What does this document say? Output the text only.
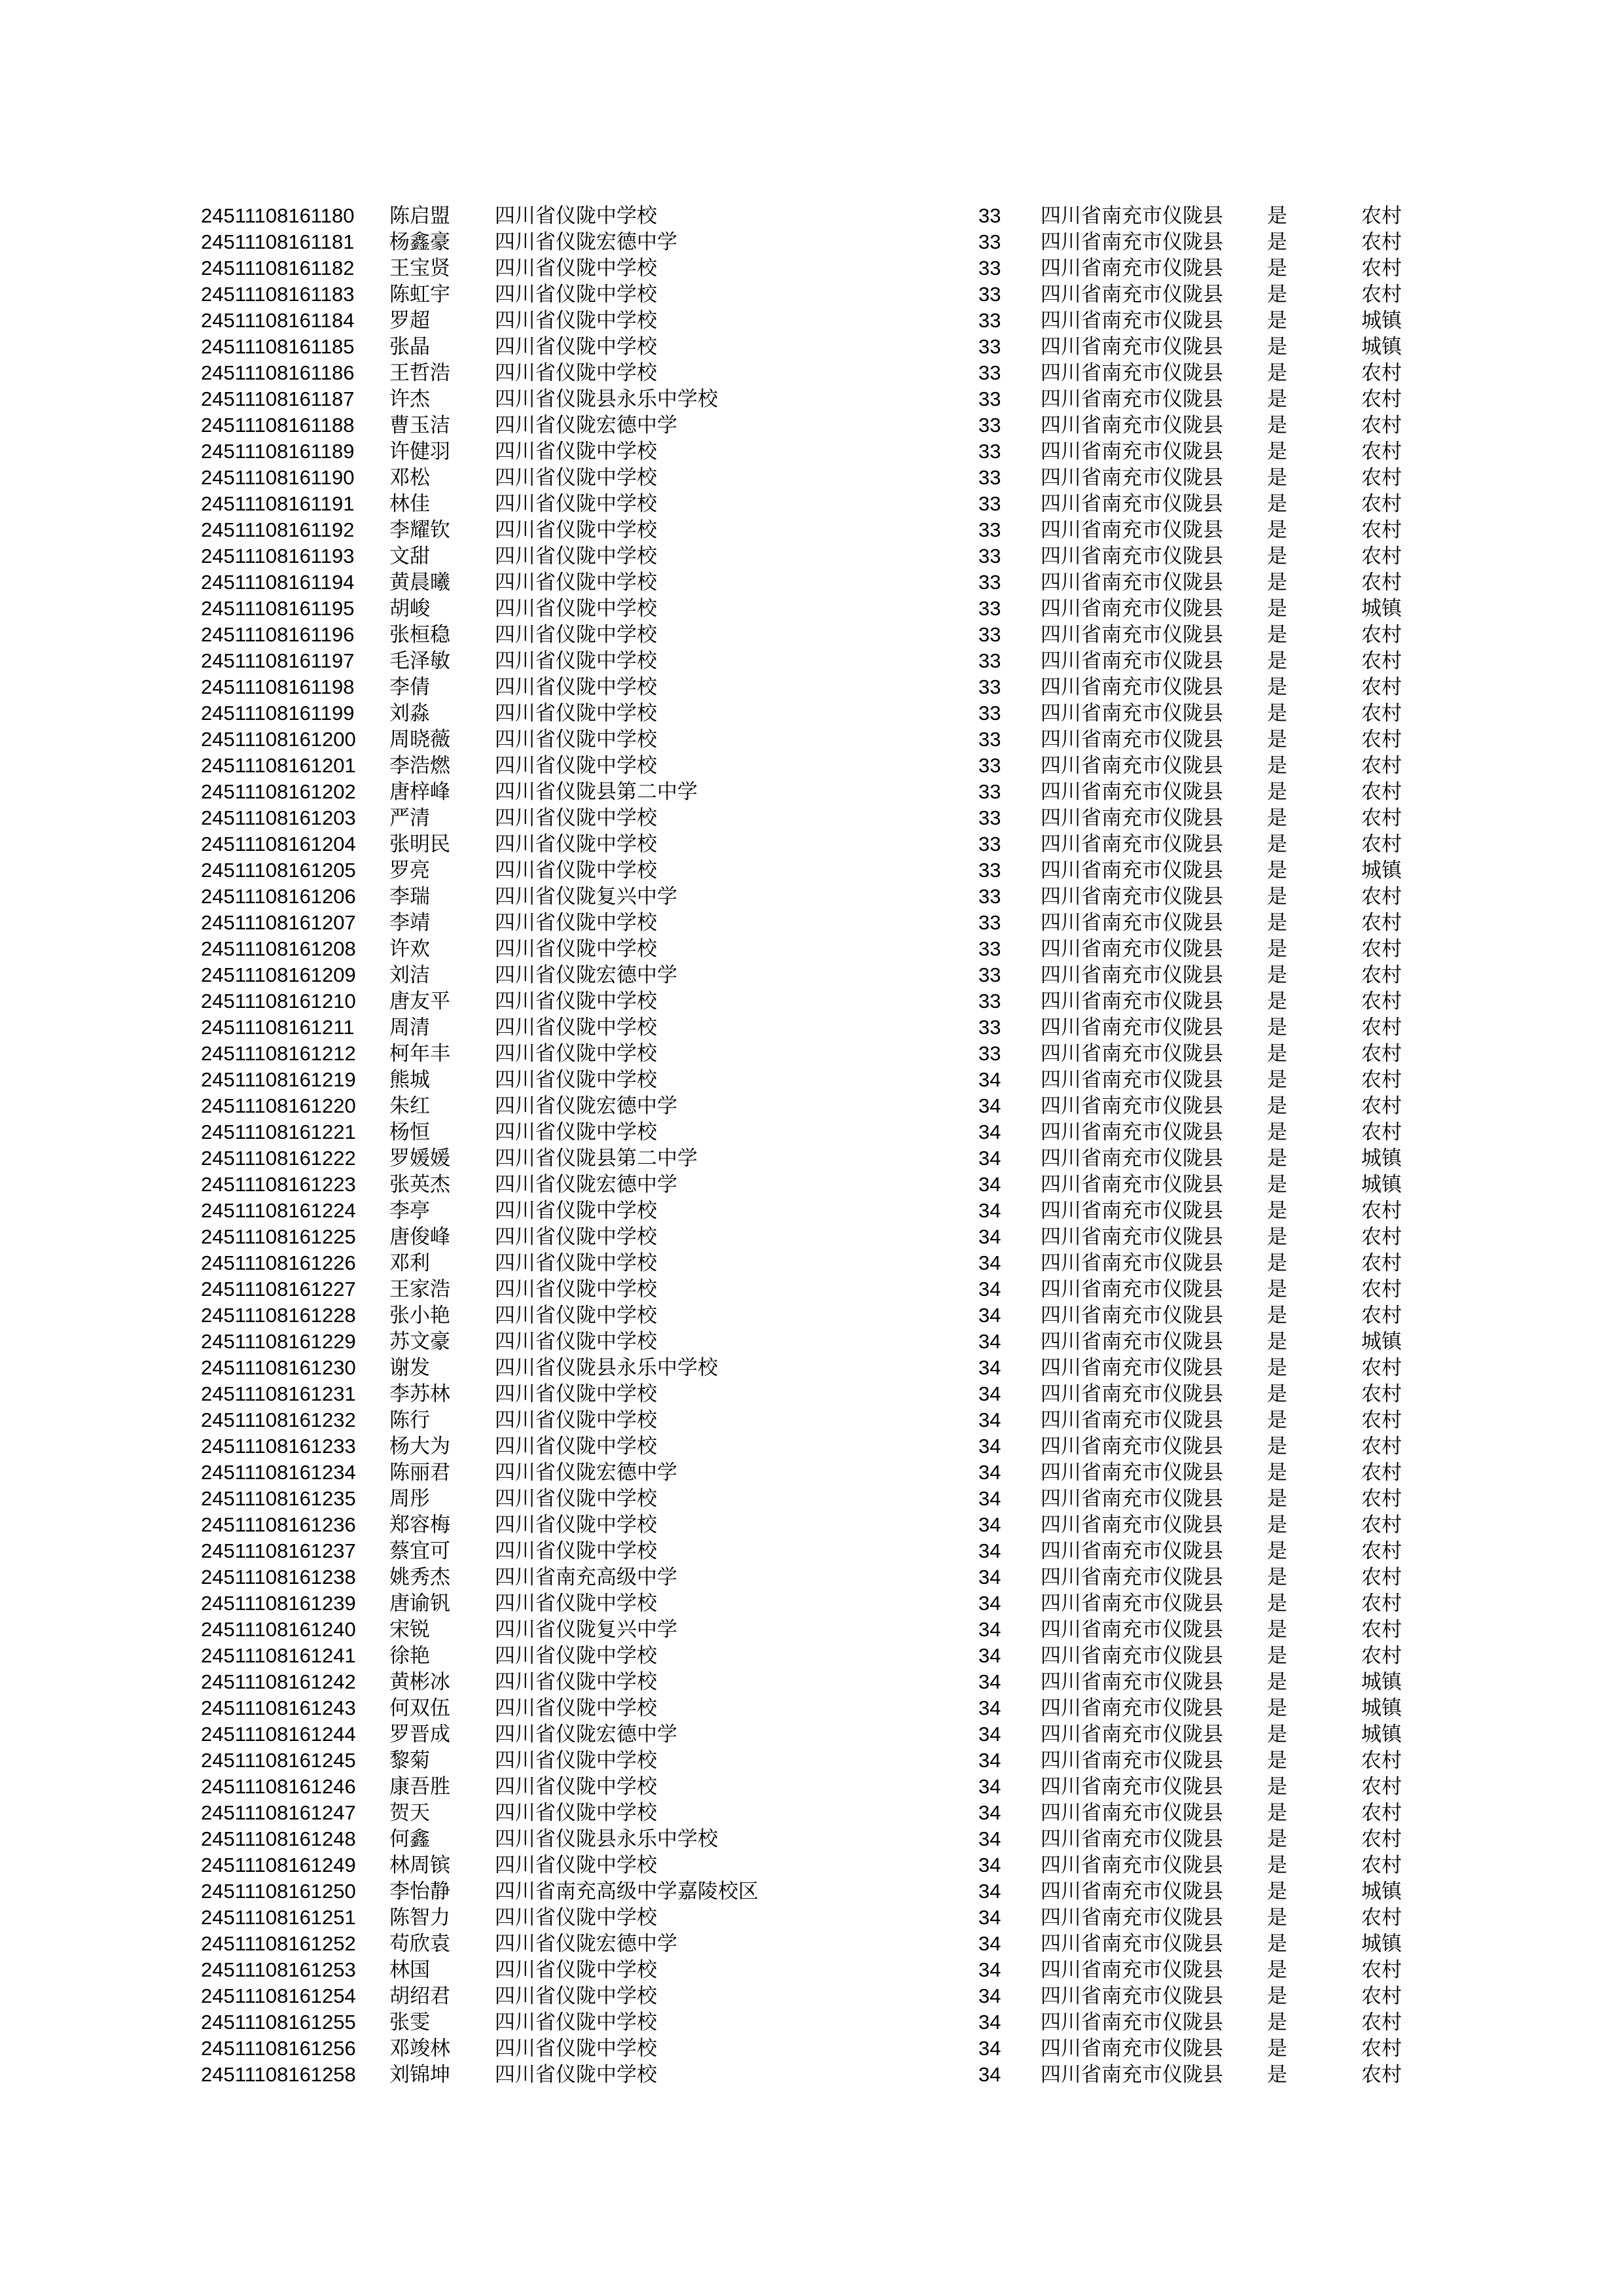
24511108161180 陈启盟 四川省仪陇中学校	33 四川省南充市仪陇县 是	农村
24511108161181 杨鑫豪 四川省仪陇宏德中学	33 四川省南充市仪陇县 是	农村
24511108161182 王宝贤 四川省仪陇中学校	33 四川省南充市仪陇县 是	农村
24511108161183 陈虹宇 四川省仪陇中学校	33 四川省南充市仪陇县 是	农村
24511108161184 罗超	四川省仪陇中学校	33 四川省南充市仪陇县 是	城镇
24511108161185 张晶	四川省仪陇中学校	33 四川省南充市仪陇县 是	城镇
24511108161186 王哲浩 四川省仪陇中学校	33 四川省南充市仪陇县 是	农村
24511108161187 许杰	四川省仪陇县永乐中学校	33 四川省南充市仪陇县 是	农村
24511108161188 曹玉洁 四川省仪陇宏德中学	33 四川省南充市仪陇县 是	农村
24511108161189 许健羽 四川省仪陇中学校	33 四川省南充市仪陇县 是	农村
24511108161190 邓松	四川省仪陇中学校	33 四川省南充市仪陇县 是	农村
24511108161191 林佳	四川省仪陇中学校	33 四川省南充市仪陇县 是	农村
24511108161192 李耀钦 四川省仪陇中学校	33 四川省南充市仪陇县 是	农村
24511108161193 文甜	四川省仪陇中学校	33 四川省南充市仪陇县 是	农村
24511108161194 黄晨曦 四川省仪陇中学校	33 四川省南充市仪陇县 是	农村
24511108161195 胡峻	四川省仪陇中学校	33 四川省南充市仪陇县 是	城镇
24511108161196 张桓稳 四川省仪陇中学校	33 四川省南充市仪陇县 是	农村
24511108161197 毛泽敏 四川省仪陇中学校	33 四川省南充市仪陇县 是	农村
24511108161198 李倩	四川省仪陇中学校	33 四川省南充市仪陇县 是	农村
24511108161199 刘淼	四川省仪陇中学校	33 四川省南充市仪陇县 是	农村
24511108161200 周晓薇 四川省仪陇中学校	33 四川省南充市仪陇县 是	农村
24511108161201 李浩燃 四川省仪陇中学校	33 四川省南充市仪陇县 是	农村
24511108161202 唐梓峰 四川省仪陇县第二中学	33 四川省南充市仪陇县 是	农村
24511108161203 严清	四川省仪陇中学校	33 四川省南充市仪陇县 是	农村
24511108161204 张明民 四川省仪陇中学校	33 四川省南充市仪陇县 是	农村
24511108161205 罗亮	四川省仪陇中学校	33 四川省南充市仪陇县 是	城镇
24511108161206 李瑞	四川省仪陇复兴中学	33 四川省南充市仪陇县 是	农村
24511108161207 李靖	四川省仪陇中学校	33 四川省南充市仪陇县 是	农村
24511108161208 许欢	四川省仪陇中学校	33 四川省南充市仪陇县 是	农村
24511108161209 刘洁	四川省仪陇宏德中学	33 四川省南充市仪陇县 是	农村
24511108161210 唐友平 四川省仪陇中学校	33 四川省南充市仪陇县 是	农村
24511108161211 周清	四川省仪陇中学校	33 四川省南充市仪陇县 是	农村
24511108161212 柯年丰 四川省仪陇中学校	33 四川省南充市仪陇县 是	农村
24511108161219 熊城	四川省仪陇中学校	34 四川省南充市仪陇县 是	农村
24511108161220 朱红	四川省仪陇宏德中学	34 四川省南充市仪陇县 是	农村
24511108161221 杨恒	四川省仪陇中学校	34 四川省南充市仪陇县 是	农村
24511108161222 罗媛媛 四川省仪陇县第二中学	34 四川省南充市仪陇县 是	城镇
24511108161223 张英杰 四川省仪陇宏德中学	34 四川省南充市仪陇县 是	城镇
24511108161224 李亭	四川省仪陇中学校	34 四川省南充市仪陇县 是	农村
24511108161225 唐俊峰 四川省仪陇中学校	34 四川省南充市仪陇县 是	农村
24511108161226 邓利	四川省仪陇中学校	34 四川省南充市仪陇县 是	农村
24511108161227 王家浩 四川省仪陇中学校	34 四川省南充市仪陇县 是	农村
24511108161228 张小艳 四川省仪陇中学校	34 四川省南充市仪陇县 是	农村
24511108161229 苏文豪 四川省仪陇中学校	34 四川省南充市仪陇县 是	城镇
24511108161230 谢发	四川省仪陇县永乐中学校	34 四川省南充市仪陇县 是	农村
24511108161231 李苏林 四川省仪陇中学校	34 四川省南充市仪陇县 是	农村
24511108161232 陈行	四川省仪陇中学校	34 四川省南充市仪陇县 是	农村
24511108161233 杨大为 四川省仪陇中学校	34 四川省南充市仪陇县 是	农村
24511108161234 陈丽君 四川省仪陇宏德中学	34 四川省南充市仪陇县 是	农村
24511108161235 周彤	四川省仪陇中学校	34 四川省南充市仪陇县 是	农村
24511108161236 郑容梅 四川省仪陇中学校	34 四川省南充市仪陇县 是	农村
24511108161237 蔡宜可 四川省仪陇中学校	34 四川省南充市仪陇县 是	农村
24511108161238 姚秀杰 四川省南充高级中学	34 四川省南充市仪陇县 是	农村
24511108161239 唐谕钒 四川省仪陇中学校	34 四川省南充市仪陇县 是	农村
24511108161240 宋锐	四川省仪陇复兴中学	34 四川省南充市仪陇县 是	农村
24511108161241 徐艳	四川省仪陇中学校	34 四川省南充市仪陇县 是	农村
24511108161242 黄彬冰 四川省仪陇中学校	34 四川省南充市仪陇县 是	城镇
24511108161243 何双伍 四川省仪陇中学校	34 四川省南充市仪陇县 是	城镇
24511108161244 罗晋成 四川省仪陇宏德中学	34 四川省南充市仪陇县 是	城镇
24511108161245 黎菊	四川省仪陇中学校	34 四川省南充市仪陇县 是	农村
24511108161246 康吾胜 四川省仪陇中学校	34 四川省南充市仪陇县 是	农村
24511108161247 贺天	四川省仪陇中学校	34 四川省南充市仪陇县 是	农村
24511108161248 何鑫	四川省仪陇县永乐中学校	34 四川省南充市仪陇县 是	农村
24511108161249 林周镔 四川省仪陇中学校	34 四川省南充市仪陇县 是	农村
24511108161250 李怡静 四川省南充高级中学嘉陵校区	34 四川省南充市仪陇县 是	城镇
24511108161251 陈智力 四川省仪陇中学校	34 四川省南充市仪陇县 是	农村
24511108161252 苟欣袁 四川省仪陇宏德中学	34 四川省南充市仪陇县 是	城镇
24511108161253 林国	四川省仪陇中学校	34 四川省南充市仪陇县 是	农村
24511108161254 胡绍君 四川省仪陇中学校	34 四川省南充市仪陇县 是	农村
24511108161255 张雯	四川省仪陇中学校	34 四川省南充市仪陇县 是	农村
24511108161256 邓竣林 四川省仪陇中学校	34 四川省南充市仪陇县 是	农村
24511108161258 刘锦坤 四川省仪陇中学校	34 四川省南充市仪陇县 是	农村
